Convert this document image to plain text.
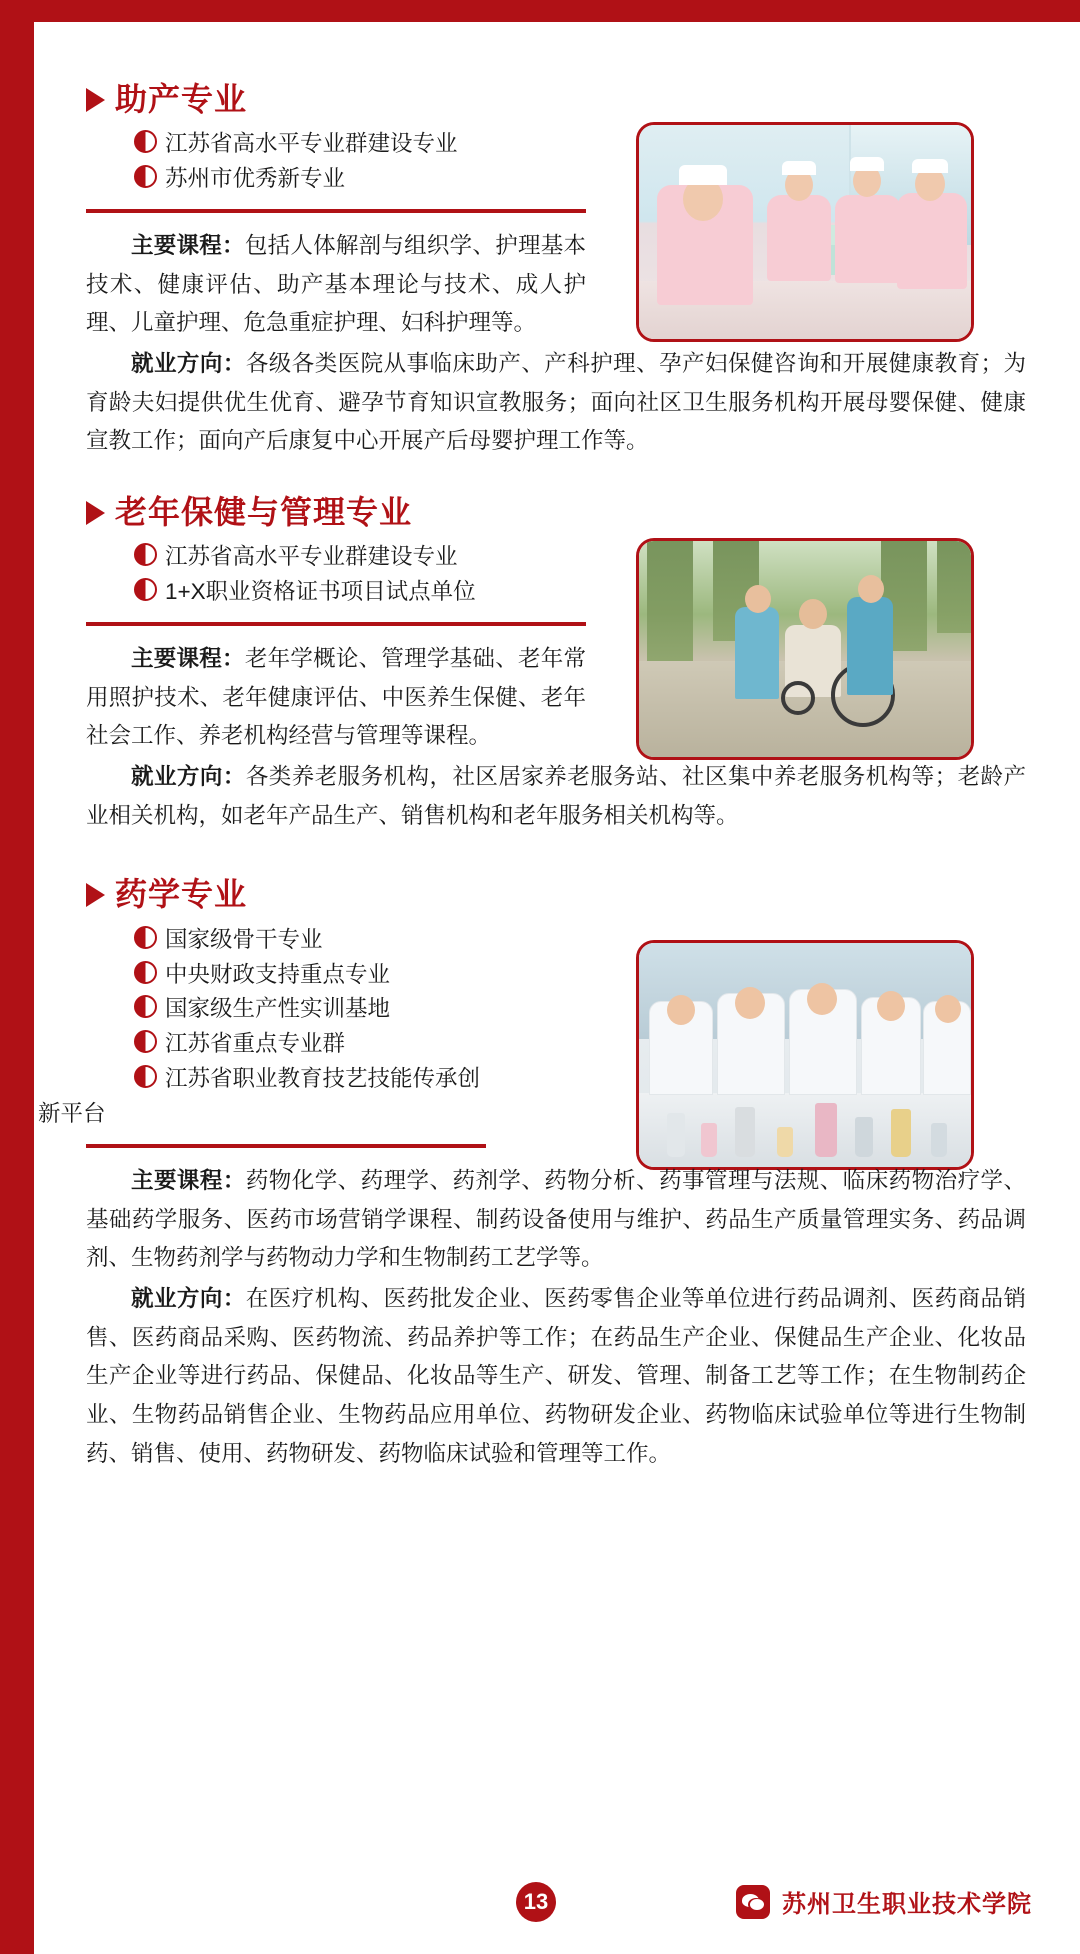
助产专业
江苏省高水平专业群建设专业
苏州市优秀新专业

主要课程：包括人体解剖与组织学、护理基本技术、健康评估、助产基本理论与技术、成人护理、儿童护理、危急重症护理、妇科护理等。

就业方向：各级各类医院从事临床助产、产科护理、孕产妇保健咨询和开展健康教育；为育龄夫妇提供优生优育、避孕节育知识宣教服务；面向社区卫生服务机构开展母婴保健、健康宣教工作；面向产后康复中心开展产后母婴护理工作等。

老年保健与管理专业
江苏省高水平专业群建设专业
1+X职业资格证书项目试点单位

主要课程：老年学概论、管理学基础、老年常用照护技术、老年健康评估、中医养生保健、老年社会工作、养老机构经营与管理等课程。

就业方向：各类养老服务机构，社区居家养老服务站、社区集中养老服务机构等；老龄产业相关机构，如老年产品生产、销售机构和老年服务相关机构等。

药学专业
国家级骨干专业
中央财政支持重点专业
国家级生产性实训基地
江苏省重点专业群
江苏省职业教育技艺技能传承创
新平台

主要课程：药物化学、药理学、药剂学、药物分析、药事管理与法规、临床药物治疗学、基础药学服务、医药市场营销学课程、制药设备使用与维护、药品生产质量管理实务、药品调剂、生物药剂学与药物动力学和生物制药工艺学等。

就业方向：在医疗机构、医药批发企业、医药零售企业等单位进行药品调剂、医药商品销售、医药商品采购、医药物流、药品养护等工作；在药品生产企业、保健品生产企业、化妆品生产企业等进行药品、保健品、化妆品等生产、研发、管理、制备工艺等工作；在生物制药企业、生物药品销售企业、生物药品应用单位、药物研发企业、药物临床试验单位等进行生物制药、销售、使用、药物研发、药物临床试验和管理等工作。

13	苏州卫生职业技术学院
